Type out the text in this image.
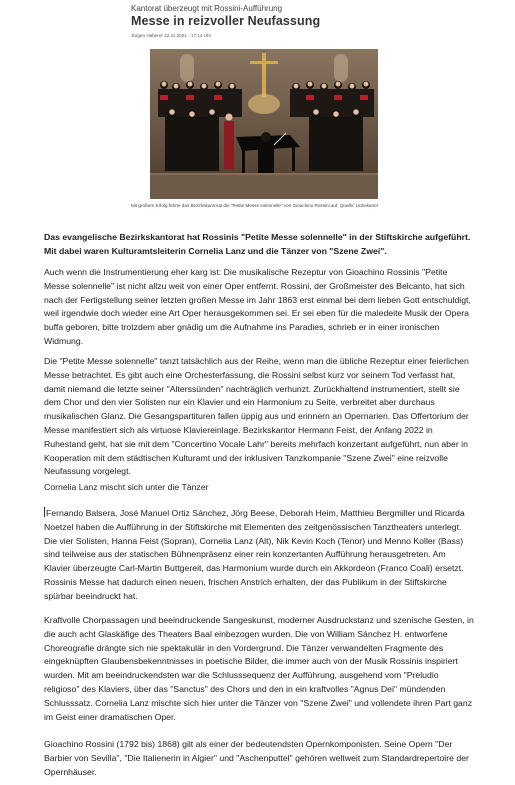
Kantorat überzeugt mit Rossini-Aufführung
Messe in reizvoller Neufassung
Jürgen Haberer 22.11.2021 - 17:14 Uhr
Mit großem Erfolg führte das Bezirkskantorat die "Petite Messe solennelle" von Gioachino Rossini auf. Quelle: Unbekannt

Das evangelische Bezirkskantorat hat Rossinis "Petite Messe solennelle" in der Stiftskirche aufgeführt. Mit dabei waren Kulturamtsleiterin Cornelia Lanz und die Tänzer von "Szene Zwei".

Auch wenn die Instrumentierung eher karg ist: Die musikalische Rezeptur von Gioachino Rossinis "Petite Messe solennelle" ist nicht allzu weit von einer Oper entfernt. Rossini, der Großmeister des Belcanto, hat sich nach der Fertigstellung seiner letzten großen Messe im Jahr 1863 erst einmal bei dem lieben Gott entschuldigt, weil irgendwie doch wieder eine Art Oper herausgekommen sei. Er sei eben für die maledeite Musik der Opera buffa geboren, bitte trotzdem aber gnädig um die Aufnahme ins Paradies, schrieb er in einer ironischen Widmung.

Die "Petite Messe solennelle" tanzt tatsächlich aus der Reihe, wenn man die übliche Rezeptur einer feierlichen Messe betrachtet. Es gibt auch eine Orchesterfassung, die Rossini selbst kurz vor seinem Tod verfasst hat, damit niemand die letzte seiner "Alterssünden" nachträglich verhunzt. Zurückhaltend instrumentiert, stellt sie dem Chor und den vier Solisten nur ein Klavier und ein Harmonium zu Seite, verbreitet aber durchaus musikalischen Glanz. Die Gesangspartituren fallen üppig aus und erinnern an Opernarien. Das Offertorium der Messe manifestiert sich als virtuose Klaviereinlage. Bezirkskantor Hermann Feist, der Anfang 2022 in Ruhestand geht, hat sie mit dem "Concertino Vocale Lahr" bereits mehrfach konzertant aufgeführt, nun aber in Kooperation mit dem städtischen Kulturamt und der inklusiven Tanzkompanie "Szene Zwei" eine reizvolle Neufassung vorgelegt.

Cornelia Lanz mischt sich unter die Tänzer

Fernando Balsera, José Manuel Ortiz Sánchez, Jörg Beese, Deborah Heim, Matthieu Bergmiller und Ricarda Noetzel haben die Aufführung in der Stiftskirche mit Elementen des zeitgenössischen Tanztheaters unterlegt. Die vier Solisten, Hanna Feist (Sopran), Cornelia Lanz (Alt), Nik Kevin Koch (Tenor) und Menno Koller (Bass) sind teilweise aus der statischen Bühnenpräsenz einer rein konzertanten Aufführung herausgetreten. Am Klavier überzeugte Carl-Martin Buttgereit, das Harmonium wurde durch ein Akkordeon (Franco Coali) ersetzt. Rossinis Messe hat dadurch einen neuen, frischen Anstrich erhalten, der das Publikum in der Stiftskirche spürbar beeindruckt hat.

Kraftvolle Chorpassagen und beeindruckende Sangeskunst, moderner Ausdruckstanz und szenische Gesten, in die auch acht Glaskäfige des Theaters Baal einbezogen wurden. Die von William Sánchez H. entworfene Choreografie drängte sich nie spektakulär in den Vordergrund. Die Tänzer verwandelten Fragmente des eingeknüpften Glaubensbekenntnisses in poetische Bilder, die immer auch von der Musik Rossinis inspiriert wurden. Mit am beeindruckendsten war die Schlusssequenz der Aufführung, ausgehend vom "Preludio religioso" des Klaviers, über das "Sanctus" des Chors und den in ein kraftvolles "Agnus Dei" mündenden Schlusssatz. Cornelia Lanz mischte sich hier unter die Tänzer von "Szene Zwei" und vollendete ihren Part ganz im Geist einer dramatischen Oper.

Gioachino Rossini (1792 bis) 1868) gilt als einer der bedeutendsten Opernkomponisten. Seine Opern "Der Barbier von Sevilla", "Die Italienerin in Algier" und "Aschenputtel" gehören weltweit zum Standardrepertoire der Opernhäuser.
